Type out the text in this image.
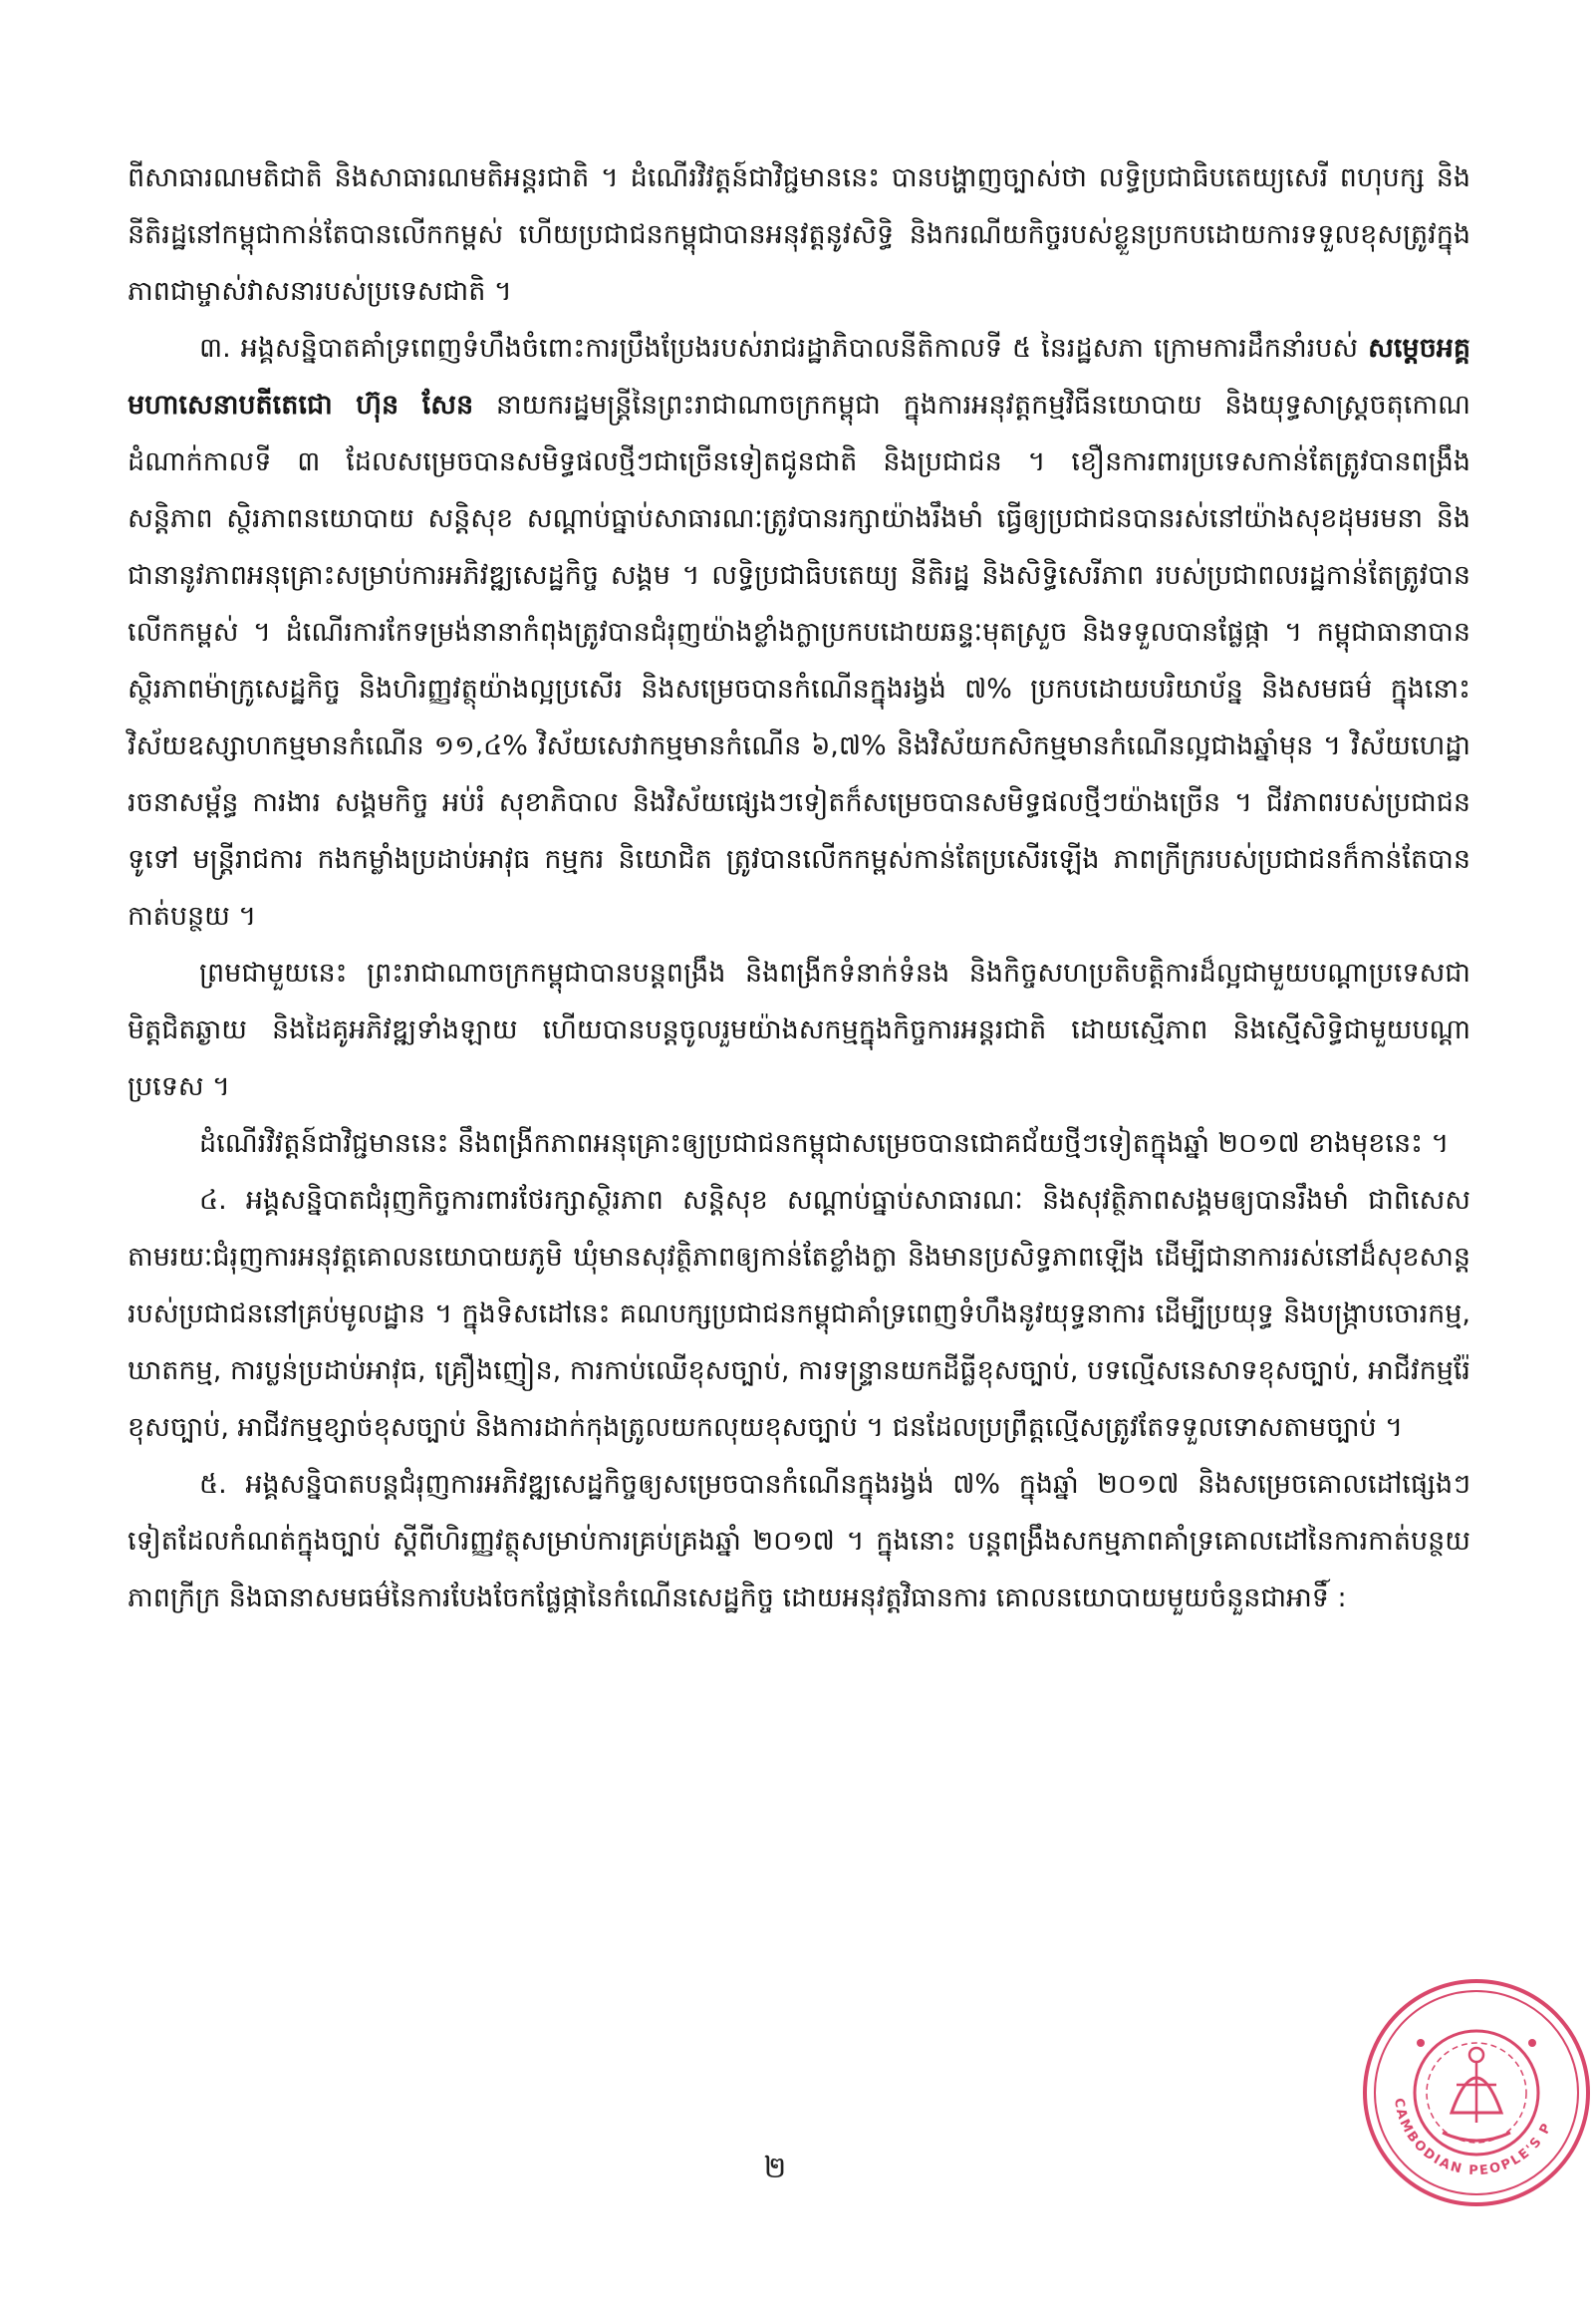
ពីសាធារណមតិជាតិ និងសាធារណមតិអន្តរជាតិ ។ ដំណើរវិវត្តន៍ជាវិជ្ជមាននេះ បានបង្ហាញច្បាស់ថា លទ្ធិប្រជាធិបតេយ្យសេរី ពហុបក្ស និងនីតិរដ្ឋនៅកម្ពុជាកាន់តែបានលើកកម្ពស់ ហើយប្រជាជនកម្ពុជាបានអនុវត្តនូវសិទ្ធិ និងករណីយកិច្ចរបស់ខ្លួនប្រកបដោយការទទួលខុសត្រូវក្នុងភាពជាម្ចាស់វាសនារបស់ប្រទេសជាតិ ។

៣. អង្គសន្និបាតគាំទ្រពេញទំហឹងចំពោះការប្រឹងប្រែងរបស់រាជរដ្ឋាភិបាលនីតិកាលទី ៥ នៃរដ្ឋសភា ក្រោមការដឹកនាំរបស់ សម្តេចអគ្គមហាសេនាបតីតេជោ ហ៊ុន សែន នាយករដ្ឋមន្ត្រីនៃព្រះរាជាណាចក្រកម្ពុជា ក្នុងការអនុវត្តកម្មវិធីនយោបាយ និងយុទ្ធសាស្ត្រចតុកោណដំណាក់កាលទី ៣ ដែលសម្រេចបានសមិទ្ធផលថ្មីៗជាច្រើនទៀតជូនជាតិ និងប្រជាជន ។ ខឿនការពារប្រទេសកាន់តែត្រូវបានពង្រឹង សន្តិភាព ស្ថិរភាពនយោបាយ សន្តិសុខ សណ្តាប់ធ្នាប់សាធារណៈត្រូវបានរក្សាយ៉ាងរឹងមាំ ធ្វើឲ្យប្រជាជនបានរស់នៅយ៉ាងសុខដុមរមនា និងជានានូវភាពអនុគ្រោះសម្រាប់ការអភិវឌ្ឍសេដ្ឋកិច្ច សង្គម ។ លទ្ធិប្រជាធិបតេយ្យ នីតិរដ្ឋ និងសិទ្ធិសេរីភាព របស់ប្រជាពលរដ្ឋកាន់តែត្រូវបានលើកកម្ពស់ ។ ដំណើរការកែទម្រង់នានាកំពុងត្រូវបានជំរុញយ៉ាងខ្លាំងក្លាប្រកបដោយឆន្ទៈមុតស្រួច និងទទួលបានផ្លែផ្កា ។ កម្ពុជាធានាបានស្ថិរភាពម៉ាក្រូសេដ្ឋកិច្ច និងហិរញ្ញវត្ថុយ៉ាងល្អប្រសើរ និងសម្រេចបានកំណើនក្នុងរង្វង់ ៧% ប្រកបដោយបរិយាប័ន្ន និងសមធម៌ ក្នុងនោះវិស័យឧស្សាហកម្មមានកំណើន ១១,៤% វិស័យសេវាកម្មមានកំណើន ៦,៧% និងវិស័យកសិកម្មមានកំណើនល្អជាងឆ្នាំមុន ។ វិស័យហេដ្ឋារចនាសម្ព័ន្ធ ការងារ សង្គមកិច្ច អប់រំ សុខាភិបាល និងវិស័យផ្សេងៗទៀតក៏សម្រេចបានសមិទ្ធផលថ្មីៗយ៉ាងច្រើន ។ ជីវភាពរបស់ប្រជាជនទូទៅ មន្ត្រីរាជការ កងកម្លាំងប្រដាប់អាវុធ កម្មករ និយោជិត ត្រូវបានលើកកម្ពស់កាន់តែប្រសើរឡើង ភាពក្រីក្ររបស់ប្រជាជនក៏កាន់តែបានកាត់បន្ថយ ។

ព្រមជាមួយនេះ ព្រះរាជាណាចក្រកម្ពុជាបានបន្តពង្រឹង និងពង្រីកទំនាក់ទំនង និងកិច្ចសហប្រតិបត្តិការដ៏ល្អជាមួយបណ្តាប្រទេសជាមិត្តជិតឆ្ងាយ និងដៃគូអភិវឌ្ឍទាំងឡាយ ហើយបានបន្តចូលរួមយ៉ាងសកម្មក្នុងកិច្ចការអន្តរជាតិ ដោយស្មើភាព និងស្មើសិទ្ធិជាមួយបណ្តាប្រទេស ។

ដំណើរវិវត្តន៍ជាវិជ្ជមាននេះ នឹងពង្រីកភាពអនុគ្រោះឲ្យប្រជាជនកម្ពុជាសម្រេចបានជោគជ័យថ្មីៗទៀតក្នុងឆ្នាំ ២០១៧ ខាងមុខនេះ ។

៤. អង្គសន្និបាតជំរុញកិច្ចការពារថែរក្សាស្ថិរភាព សន្តិសុខ សណ្តាប់ធ្នាប់សាធារណៈ និងសុវត្ថិភាពសង្គមឲ្យបានរឹងមាំ ជាពិសេសតាមរយៈជំរុញការអនុវត្តគោលនយោបាយភូមិ ឃុំមានសុវត្ថិភាពឲ្យកាន់តែខ្លាំងក្លា និងមានប្រសិទ្ធភាពឡើង ដើម្បីជានាការរស់នៅដ៏សុខសាន្តរបស់ប្រជាជននៅគ្រប់មូលដ្ឋាន ។ ក្នុងទិសដៅនេះ គណបក្សប្រជាជនកម្ពុជាគាំទ្រពេញទំហឹងនូវយុទ្ធនាការ ដើម្បីប្រយុទ្ធ និងបង្ក្រាបចោរកម្ម, ឃាតកម្ម, ការប្លន់ប្រដាប់អាវុធ, គ្រឿងញៀន, ការកាប់ឈើខុសច្បាប់, ការទន្រ្ទានយកដីធ្លីខុសច្បាប់, បទល្មើសនេសាទខុសច្បាប់, អាជីវកម្មរ៉ែខុសច្បាប់, អាជីវកម្មខ្សាច់ខុសច្បាប់ និងការដាក់កុងត្រូលយកលុយខុសច្បាប់ ។ ជនដែលប្រព្រឹត្តល្មើសត្រូវតែទទួលទោសតាមច្បាប់ ។

៥. អង្គសន្និបាតបន្តជំរុញការអភិវឌ្ឍសេដ្ឋកិច្ចឲ្យសម្រេចបានកំណើនក្នុងរង្វង់ ៧% ក្នុងឆ្នាំ ២០១៧ និងសម្រេចគោលដៅផ្សេងៗទៀតដែលកំណត់ក្នុងច្បាប់ ស្តីពីហិរញ្ញវត្ថុសម្រាប់ការគ្រប់គ្រងឆ្នាំ ២០១៧ ។ ក្នុងនោះ បន្តពង្រឹងសកម្មភាពគាំទ្រគោលដៅនៃការកាត់បន្ថយភាពក្រីក្រ និងធានាសមធម៌នៃការបែងចែកផ្លែផ្កានៃកំណើនសេដ្ឋកិច្ច ដោយអនុវត្តវិធានការ គោលនយោបាយមួយចំនួនជាអាទិ៍ :

២
CAMBODIAN PEOPLE'S P
